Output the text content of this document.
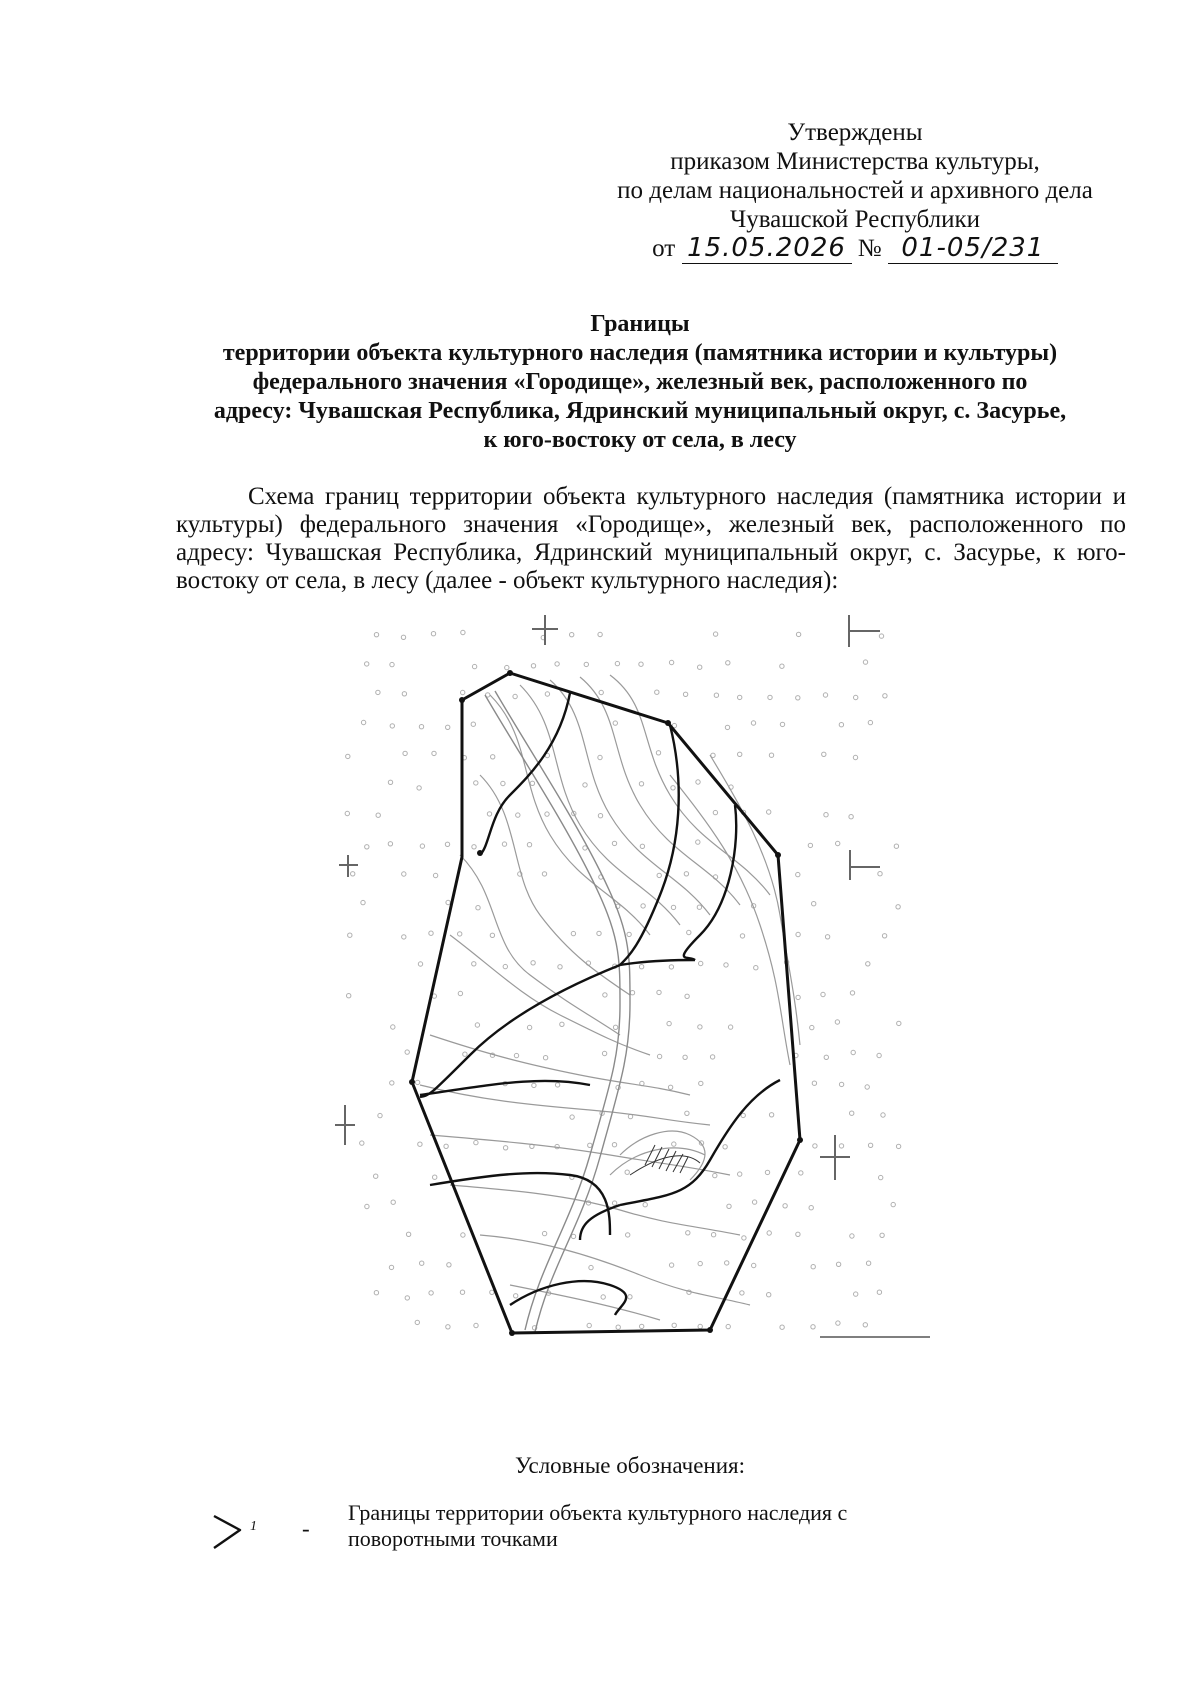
Утверждены
приказом Министерства культуры,
по делам национальностей и архивного дела
Чувашской Республики
от 15.05.2026 № 01-05/231
Границы
территории объекта культурного наследия (памятника истории и культуры)
федерального значения «Городище», железный век, расположенного по
адресу: Чувашская Республика, Ядринский муниципальный округ, с. Засурье,
к юго-востоку от села, в лесу
Схема границ территории объекта культурного наследия (памятника истории и культуры) федерального значения «Городище», железный век, расположенного по адресу: Чувашская Республика, Ядринский муниципальный округ, с. Засурье, к юго-востоку от села, в лесу (далее - объект культурного наследия):
Условные обозначения:
1 -
Границы территории объекта культурного наследия с поворотными точками
